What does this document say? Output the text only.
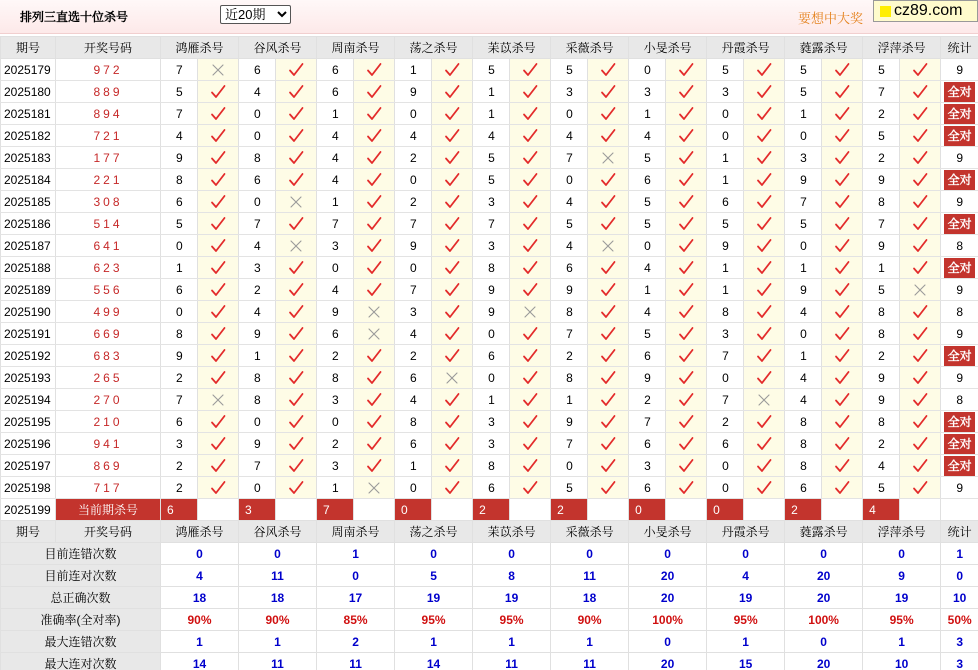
排列三直选十位杀号
近20期	要想中大奖 cz89.com
期号	开奖号码	鸿雁杀号		谷风杀号		周南杀号		荡之杀号		苿苡杀号		采薇杀号		小旻杀号		丹霞杀号		蕤露杀号		浮萍杀号		统计
2025179	972	7		6		6		1		5		5		0		5		5		5		9
2025180	889	5		4		6		9		1		3		3		3		5		7		全对

2025181	894	7		0		1		0		1		0		1		0		1		2		全对

2025182	721	4		0		4		4		4		4		4		0		0		5		全对

2025183	177	9		8		4		2		5		7		5		1		3		2		9
2025184	221	8		6		4		0		5		0		6		1		9		9		全对

2025185	308	6		0		1		2		3		4		5		6		7		8		9
2025186	514	5		7		7		7		7		5		5		5		5		7		全对

2025187	641	0		4		3		9		3		4		0		9		0		9		8
2025188	623	1		3		0		0		8		6		4		1		1		1		全对

2025189	556	6		2		4		7		9		9		1		1		9		5		9
2025190	499	0		4		9		3		9		8		4		8		4		8		8
2025191	669	8		9		6		4		0		7		5		3		0		8		9
2025192	683	9		1		2		2		6		2		6		7		1		2		全对

2025193	265	2		8		8		6		0		8		9		0		4		9		9
2025194	270	7		8		3		4		1		1		2		7		4		9		8
2025195	210	6		0		0		8		3		9		7		2		8		8		全对

2025196	941	3		9		2		6		3		7		6		6		8		2		全对

2025197	869	2		7		3		1		8		0		3		0		8		4		全对

2025198	717	2		0		1		0		6		5		6		0		6		5		9
2025199	当前期杀号	6		3		7		0		2		2		0		0		2		4		
期号	开奖号码	鸿雁杀号		谷风杀号		周南杀号		荡之杀号		苿苡杀号		采薇杀号		小旻杀号		丹霞杀号		蕤露杀号		浮萍杀号		统计
目前连错次数		0		0		1		0		0		0		0		0		0		0		1
目前连对次数		4		11		0		5		8		11		20		4		20		9		0
总正确次数		18		18		17		19		19		18		20		19		20		19		10
准确率(全对率)		90%		90%		85%		95%		95%		90%		100%		95%		100%		95%		50%
最大连错次数		1		1		2		1		1		1		0		1		0		1		3
最大连对次数		14		11		11		14		11		11		20		15		20		10		3
